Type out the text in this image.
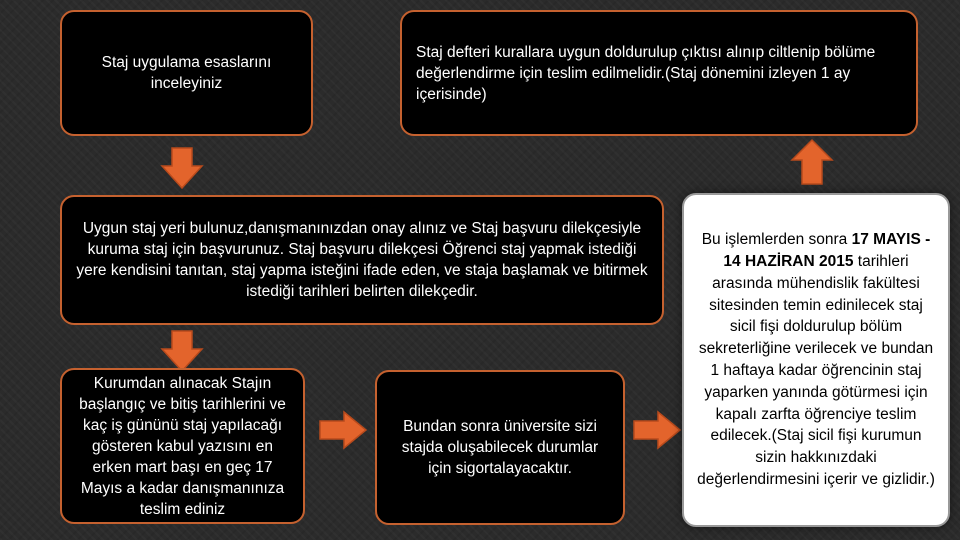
Staj uygulama esaslarını inceleyiniz
Staj defteri kurallara uygun doldurulup çıktısı alınıp ciltlenip bölüme değerlendirme için teslim edilmelidir.(Staj dönemini izleyen 1 ay içerisinde)
Uygun staj yeri bulunuz,danışmanınızdan onay alınız ve Staj başvuru dilekçesiyle kuruma staj için başvurunuz. Staj başvuru dilekçesi Öğrenci staj yapmak istediği yere kendisini tanıtan, staj yapma isteğini ifade eden, ve staja başlamak ve bitirmek istediği tarihleri belirten dilekçedir.
Kurumdan alınacak Stajın başlangıç ve bitiş tarihlerini ve kaç iş gününü staj yapılacağı gösteren kabul yazısını en erken mart başı en geç 17 Mayıs a kadar danışmanınıza teslim ediniz
Bundan sonra üniversite sizi stajda oluşabilecek durumlar için sigortalayacaktır.
Bu işlemlerden sonra 17 MAYIS - 14 HAZİRAN 2015 tarihleri arasında mühendislik fakültesi sitesinden temin edinilecek staj sicil fişi doldurulup bölüm sekreterliğine verilecek ve bundan 1 haftaya kadar öğrencinin staj yaparken yanında götürmesi için kapalı zarfta öğrenciye teslim edilecek.(Staj sicil fişi kurumun sizin hakkınızdaki değerlendirmesini içerir ve gizlidir.)
